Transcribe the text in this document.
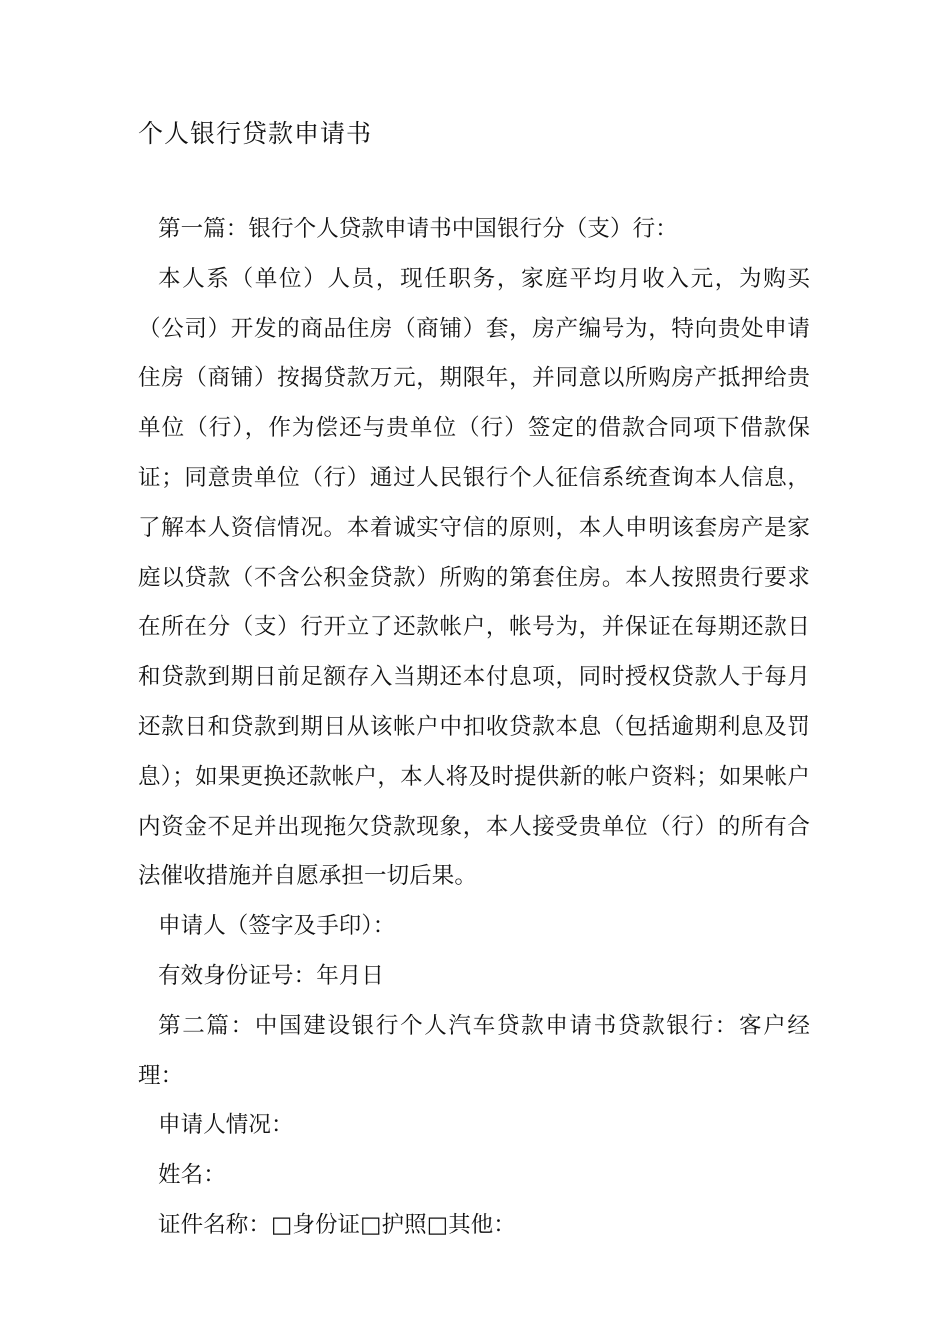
个人银行贷款申请书

第一篇：银行个人贷款申请书中国银行分（支）行：

本人系（单位）人员，现任职务，家庭平均月收入元，为购买（公司）开发的商品住房（商铺）套，房产编号为，特向贵处申请住房（商铺）按揭贷款万元，期限年，并同意以所购房产抵押给贵单位（行），作为偿还与贵单位（行）签定的借款合同项下借款保证；同意贵单位（行）通过人民银行个人征信系统查询本人信息，了解本人资信情况。本着诚实守信的原则，本人申明该套房产是家庭以贷款（不含公积金贷款）所购的第套住房。本人按照贵行要求在所在分（支）行开立了还款帐户，帐号为，并保证在每期还款日和贷款到期日前足额存入当期还本付息项，同时授权贷款人于每月还款日和贷款到期日从该帐户中扣收贷款本息（包括逾期利息及罚息）；如果更换还款帐户，本人将及时提供新的帐户资料；如果帐户内资金不足并出现拖欠贷款现象，本人接受贵单位（行）的所有合法催收措施并自愿承担一切后果。

申请人（签字及手印）：

有效身份证号：年月日

第二篇：中国建设银行个人汽车贷款申请书贷款银行：客户经理：

申请人情况：

姓名：

证件名称：□身份证□护照□其他：
